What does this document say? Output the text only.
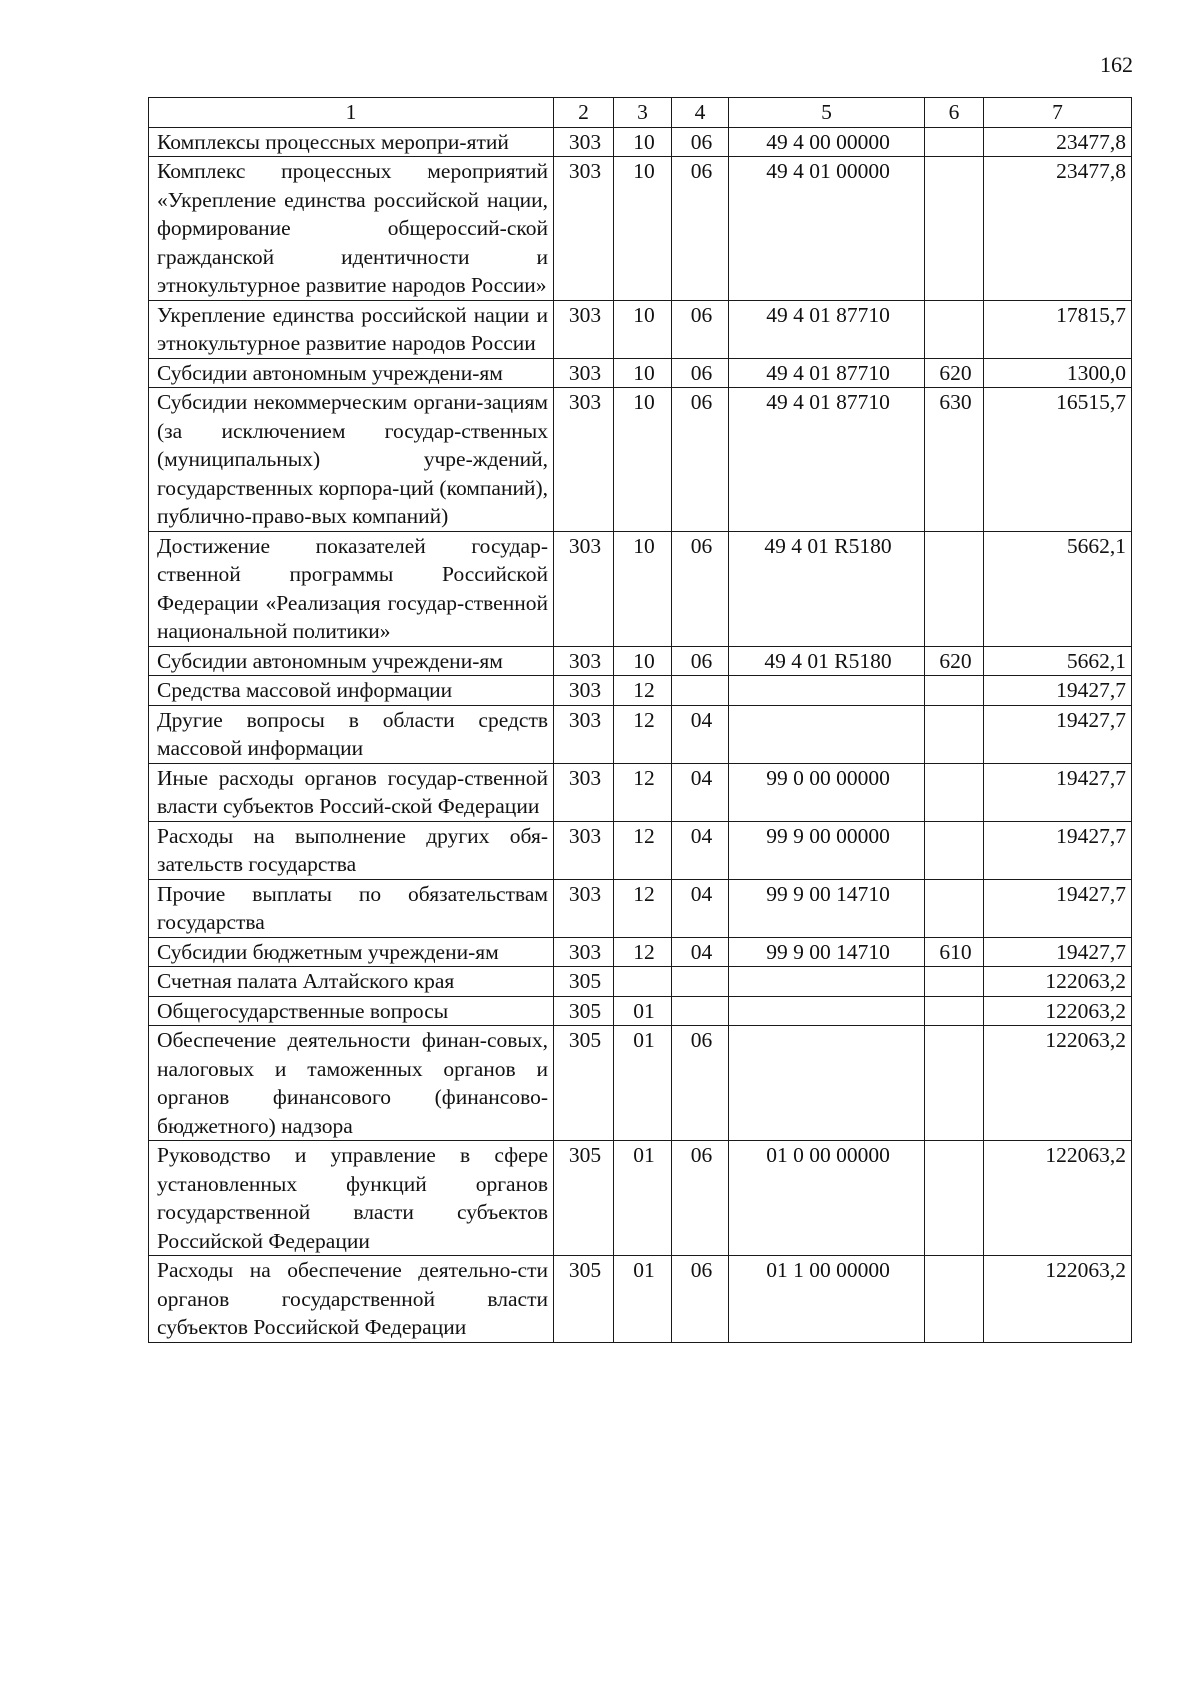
162
1	2	3	4	5	6	7
Комплексы процессных меропри-ятий	303	10	06	49 4 00 00000		23477,8
Комплекс процессных мероприятий «Укрепление единства российской нации, формирование общероссий-ской гражданской идентичности и этнокультурное развитие народов России»	303	10	06	49 4 01 00000		23477,8
Укрепление единства российской нации и этнокультурное развитие народов России	303	10	06	49 4 01 87710		17815,7
Субсидии автономным учреждени-ям	303	10	06	49 4 01 87710	620	1300,0
Субсидии некоммерческим органи-зациям (за исключением государ-ственных (муниципальных) учре-ждений, государственных корпора-ций (компаний), публично-право-вых компаний)	303	10	06	49 4 01 87710	630	16515,7
Достижение показателей государ-ственной программы Российской Федерации «Реализация государ-ственной национальной политики»	303	10	06	49 4 01 R5180		5662,1
Субсидии автономным учреждени-ям	303	10	06	49 4 01 R5180	620	5662,1
Средства массовой информации	303	12				19427,7
Другие вопросы в области средств массовой информации	303	12	04			19427,7
Иные расходы органов государ-ственной власти субъектов Россий-ской Федерации	303	12	04	99 0 00 00000		19427,7
Расходы на выполнение других обя-зательств государства	303	12	04	99 9 00 00000		19427,7
Прочие выплаты по обязательствам государства	303	12	04	99 9 00 14710		19427,7
Субсидии бюджетным учреждени-ям	303	12	04	99 9 00 14710	610	19427,7
Счетная палата Алтайского края	305					122063,2
Общегосударственные вопросы	305	01				122063,2
Обеспечение деятельности финан-совых, налоговых и таможенных органов и органов финансового (финансово-бюджетного) надзора	305	01	06			122063,2
Руководство и управление в сфере установленных функций органов государственной власти субъектов Российской Федерации	305	01	06	01 0 00 00000		122063,2
Расходы на обеспечение деятельно-сти органов государственной власти субъектов Российской Федерации	305	01	06	01 1 00 00000		122063,2
